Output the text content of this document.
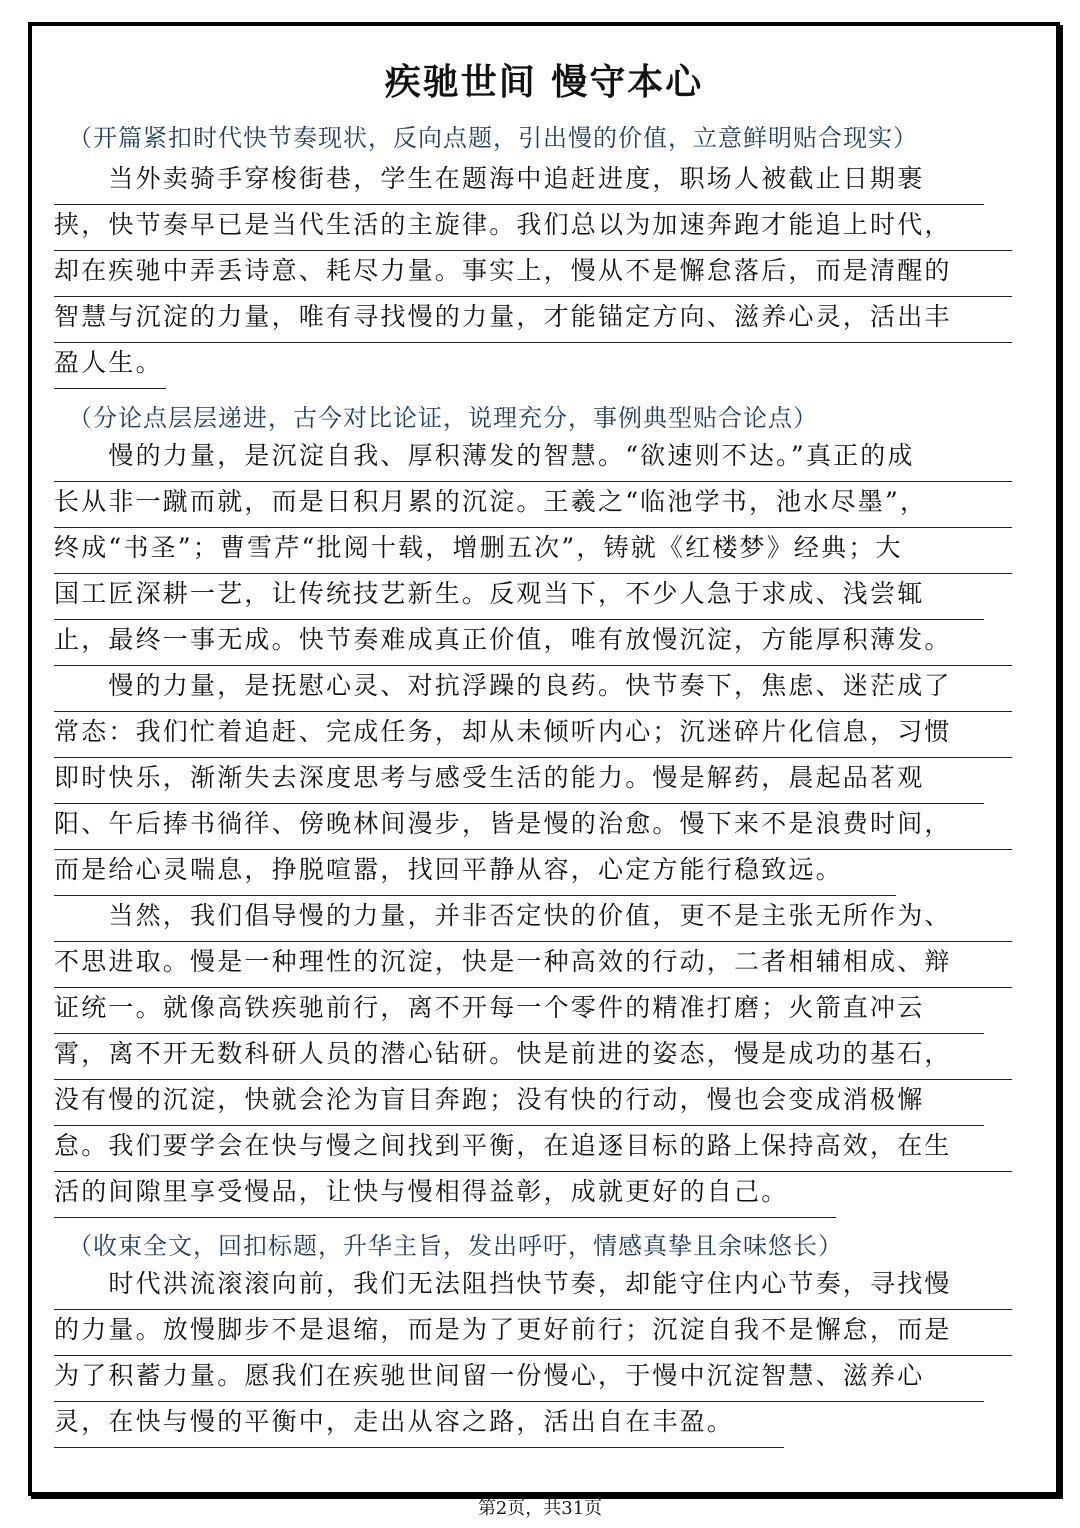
疾驰世间 慢守本心
（开篇紧扣时代快节奏现状，反向点题，引出慢的价值，立意鲜明贴合现实）
　　当外卖骑手穿梭街巷，学生在题海中追赶进度，职场人被截止日期裹
挟，快节奏早已是当代生活的主旋律。我们总以为加速奔跑才能追上时代，
却在疾驰中弄丢诗意、耗尽力量。事实上，慢从不是懈怠落后，而是清醒的
智慧与沉淀的力量，唯有寻找慢的力量，才能锚定方向、滋养心灵，活出丰
盈人生。
（分论点层层递进，古今对比论证，说理充分，事例典型贴合论点）
　　慢的力量，是沉淀自我、厚积薄发的智慧。“欲速则不达。”真正的成
长从非一蹴而就，而是日积月累的沉淀。王羲之“临池学书，池水尽墨”，
终成“书圣”；曹雪芹“批阅十载，增删五次”，铸就《红楼梦》经典；大
国工匠深耕一艺，让传统技艺新生。反观当下，不少人急于求成、浅尝辄
止，最终一事无成。快节奏难成真正价值，唯有放慢沉淀，方能厚积薄发。
　　慢的力量，是抚慰心灵、对抗浮躁的良药。快节奏下，焦虑、迷茫成了
常态：我们忙着追赶、完成任务，却从未倾听内心；沉迷碎片化信息，习惯
即时快乐，渐渐失去深度思考与感受生活的能力。慢是解药，晨起品茗观
阳、午后捧书徜徉、傍晚林间漫步，皆是慢的治愈。慢下来不是浪费时间，
而是给心灵喘息，挣脱喧嚣，找回平静从容，心定方能行稳致远。
　　当然，我们倡导慢的力量，并非否定快的价值，更不是主张无所作为、
不思进取。慢是一种理性的沉淀，快是一种高效的行动，二者相辅相成、辩
证统一。就像高铁疾驰前行，离不开每一个零件的精准打磨；火箭直冲云
霄，离不开无数科研人员的潜心钻研。快是前进的姿态，慢是成功的基石，
没有慢的沉淀，快就会沦为盲目奔跑；没有快的行动，慢也会变成消极懈
怠。我们要学会在快与慢之间找到平衡，在追逐目标的路上保持高效，在生
活的间隙里享受慢品，让快与慢相得益彰，成就更好的自己。
（收束全文，回扣标题，升华主旨，发出呼吁，情感真挚且余味悠长）
　　时代洪流滚滚向前，我们无法阻挡快节奏，却能守住内心节奏，寻找慢
的力量。放慢脚步不是退缩，而是为了更好前行；沉淀自我不是懈怠，而是
为了积蓄力量。愿我们在疾驰世间留一份慢心，于慢中沉淀智慧、滋养心
灵，在快与慢的平衡中，走出从容之路，活出自在丰盈。
第2页，共31页
